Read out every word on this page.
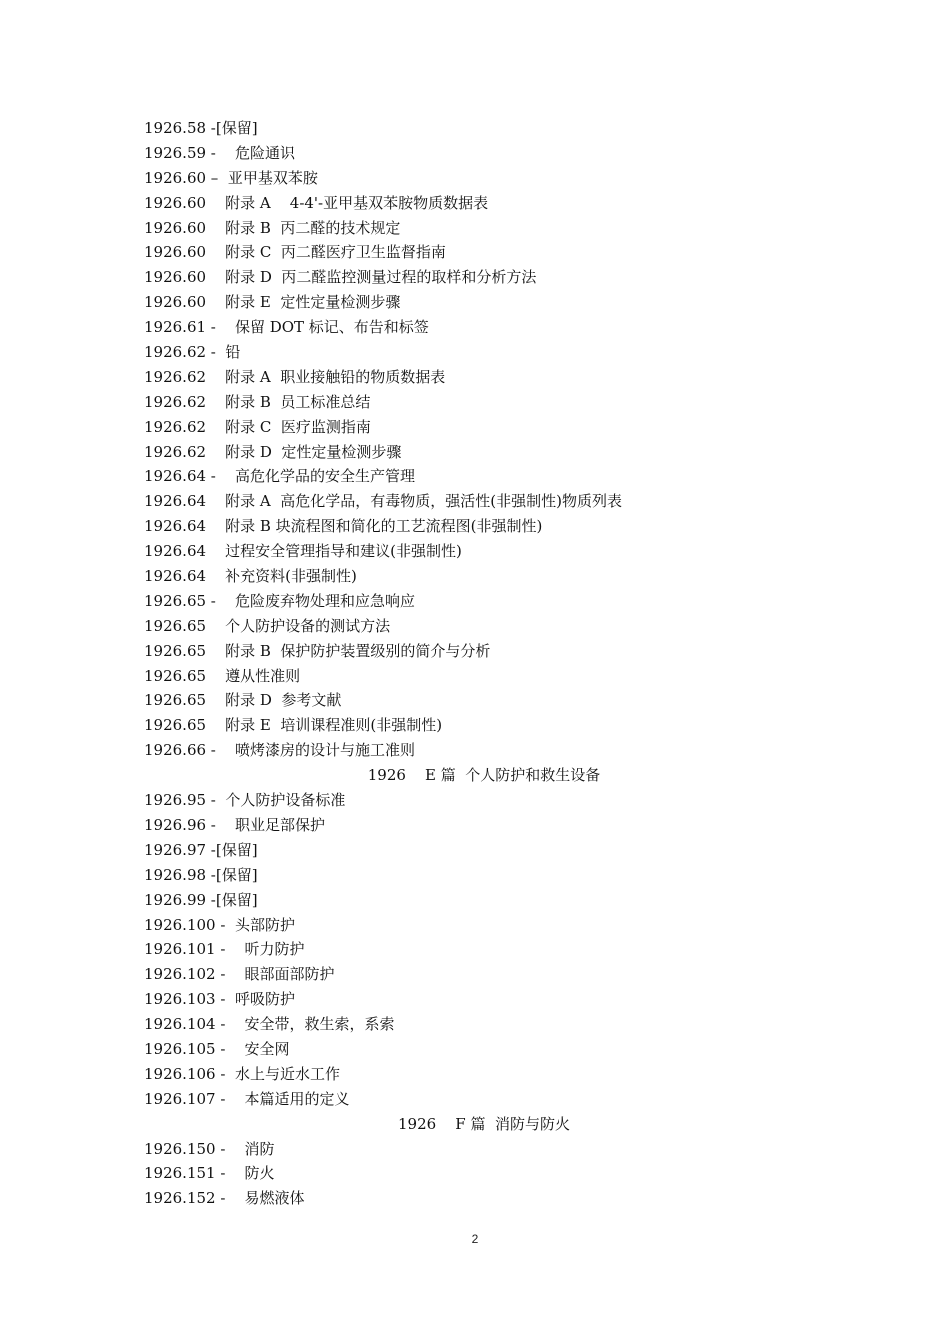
1926.58 -[保留]
1926.59 -    危险通识
1926.60 –  亚甲基双苯胺
1926.60    附录 A    4-4'-亚甲基双苯胺物质数据表
1926.60    附录 B  丙二醛的技术规定
1926.60    附录 C  丙二醛医疗卫生监督指南
1926.60    附录 D  丙二醛监控测量过程的取样和分析方法
1926.60    附录 E  定性定量检测步骤
1926.61 -    保留 DOT 标记、布告和标签
1926.62 -  铅
1926.62    附录 A  职业接触铅的物质数据表
1926.62    附录 B  员工标准总结
1926.62    附录 C  医疗监测指南
1926.62    附录 D  定性定量检测步骤
1926.64 -    高危化学品的安全生产管理
1926.64    附录 A  高危化学品，有毒物质，强活性(非强制性)物质列表
1926.64    附录 B 块流程图和简化的工艺流程图(非强制性)
1926.64    过程安全管理指导和建议(非强制性)
1926.64    补充资料(非强制性)
1926.65 -    危险废弃物处理和应急响应
1926.65    个人防护设备的测试方法
1926.65    附录 B  保护防护装置级别的简介与分析
1926.65    遵从性准则
1926.65    附录 D  参考文献
1926.65    附录 E  培训课程准则(非强制性)
1926.66 -    喷烤漆房的设计与施工准则
1926    E 篇  个人防护和救生设备
1926.95 -  个人防护设备标准
1926.96 -    职业足部保护
1926.97 -[保留]
1926.98 -[保留]
1926.99 -[保留]
1926.100 -  头部防护
1926.101 -    听力防护
1926.102 -    眼部面部防护
1926.103 -  呼吸防护
1926.104 -    安全带，救生索，系索
1926.105 -    安全网
1926.106 -  水上与近水工作
1926.107 -    本篇适用的定义
1926    F 篇  消防与防火
1926.150 -    消防
1926.151 -    防火
1926.152 -    易燃液体
2
